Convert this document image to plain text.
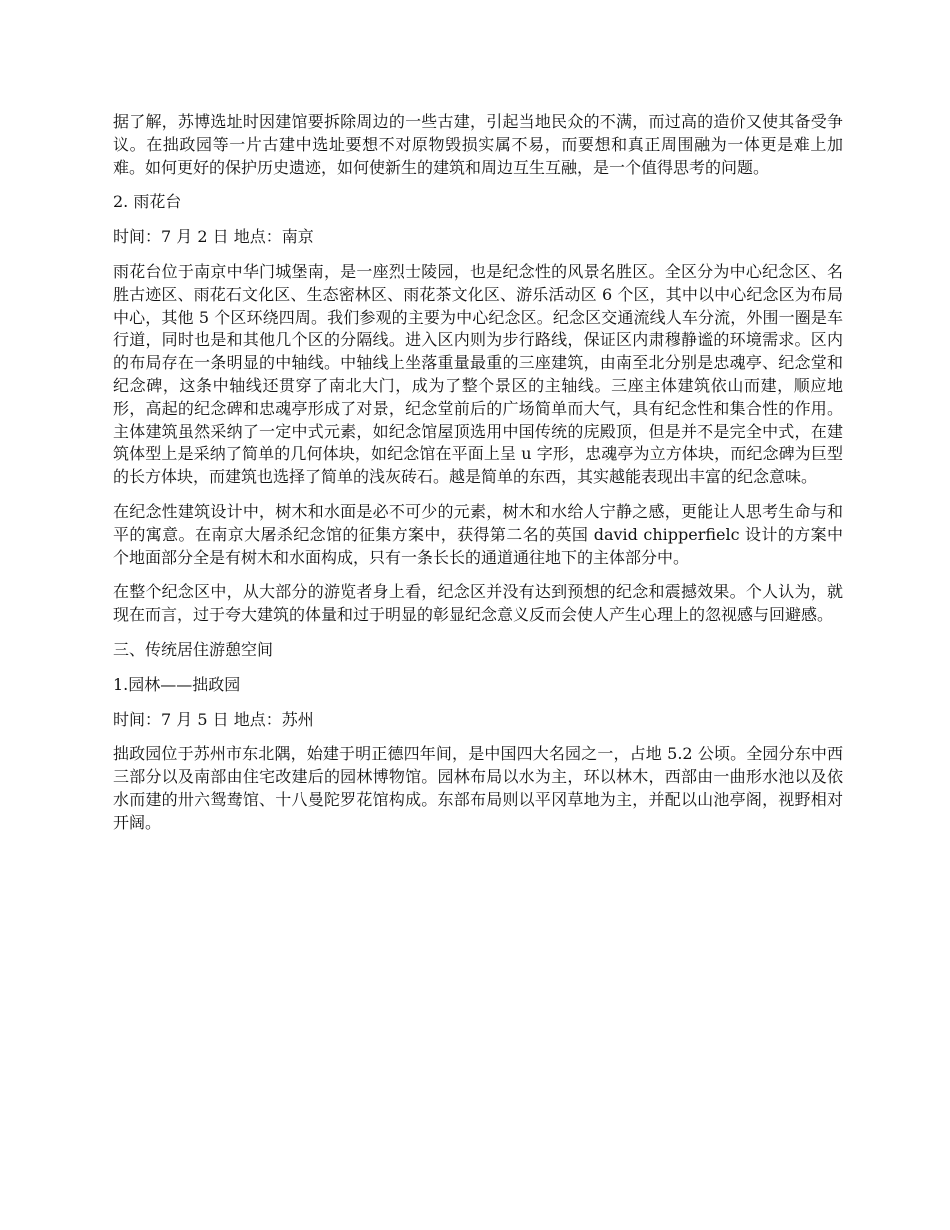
据了解，苏博选址时因建馆要拆除周边的一些古建，引起当地民众的不满，而过高的造价又使其备受争议。在拙政园等一片古建中选址要想不对原物毁损实属不易，而要想和真正周围融为一体更是难上加难。如何更好的保护历史遗迹，如何使新生的建筑和周边互生互融，是一个值得思考的问题。

2. 雨花台

时间：7 月 2 日 地点：南京

雨花台位于南京中华门城堡南，是一座烈士陵园，也是纪念性的风景名胜区。全区分为中心纪念区、名胜古迹区、雨花石文化区、生态密林区、雨花茶文化区、游乐活动区 6 个区，其中以中心纪念区为布局中心，其他 5 个区环绕四周。我们参观的主要为中心纪念区。纪念区交通流线人车分流，外围一圈是车行道，同时也是和其他几个区的分隔线。进入区内则为步行路线，保证区内肃穆静谧的环境需求。区内的布局存在一条明显的中轴线。中轴线上坐落重量最重的三座建筑，由南至北分别是忠魂亭、纪念堂和纪念碑，这条中轴线还贯穿了南北大门，成为了整个景区的主轴线。三座主体建筑依山而建，顺应地形，高起的纪念碑和忠魂亭形成了对景，纪念堂前后的广场简单而大气，具有纪念性和集合性的作用。主体建筑虽然采纳了一定中式元素，如纪念馆屋顶选用中国传统的庑殿顶，但是并不是完全中式，在建筑体型上是采纳了简单的几何体块，如纪念馆在平面上呈 u 字形，忠魂亭为立方体块，而纪念碑为巨型的长方体块，而建筑也选择了简单的浅灰砖石。越是简单的东西，其实越能表现出丰富的纪念意味。

在纪念性建筑设计中，树木和水面是必不可少的元素，树木和水给人宁静之感，更能让人思考生命与和平的寓意。在南京大屠杀纪念馆的征集方案中，获得第二名的英国 david chipperfielc 设计的方案中个地面部分全是有树木和水面构成，只有一条长长的通道通往地下的主体部分中。

在整个纪念区中，从大部分的游览者身上看，纪念区并没有达到预想的纪念和震撼效果。个人认为，就现在而言，过于夸大建筑的体量和过于明显的彰显纪念意义反而会使人产生心理上的忽视感与回避感。

三、传统居住游憩空间

1.园林——拙政园

时间：7 月 5 日 地点：苏州

拙政园位于苏州市东北隅，始建于明正德四年间，是中国四大名园之一，占地 5.2 公顷。全园分东中西三部分以及南部由住宅改建后的园林博物馆。园林布局以水为主，环以林木，西部由一曲形水池以及依水而建的卅六鸳鸯馆、十八曼陀罗花馆构成。东部布局则以平冈草地为主，并配以山池亭阁，视野相对开阔。
